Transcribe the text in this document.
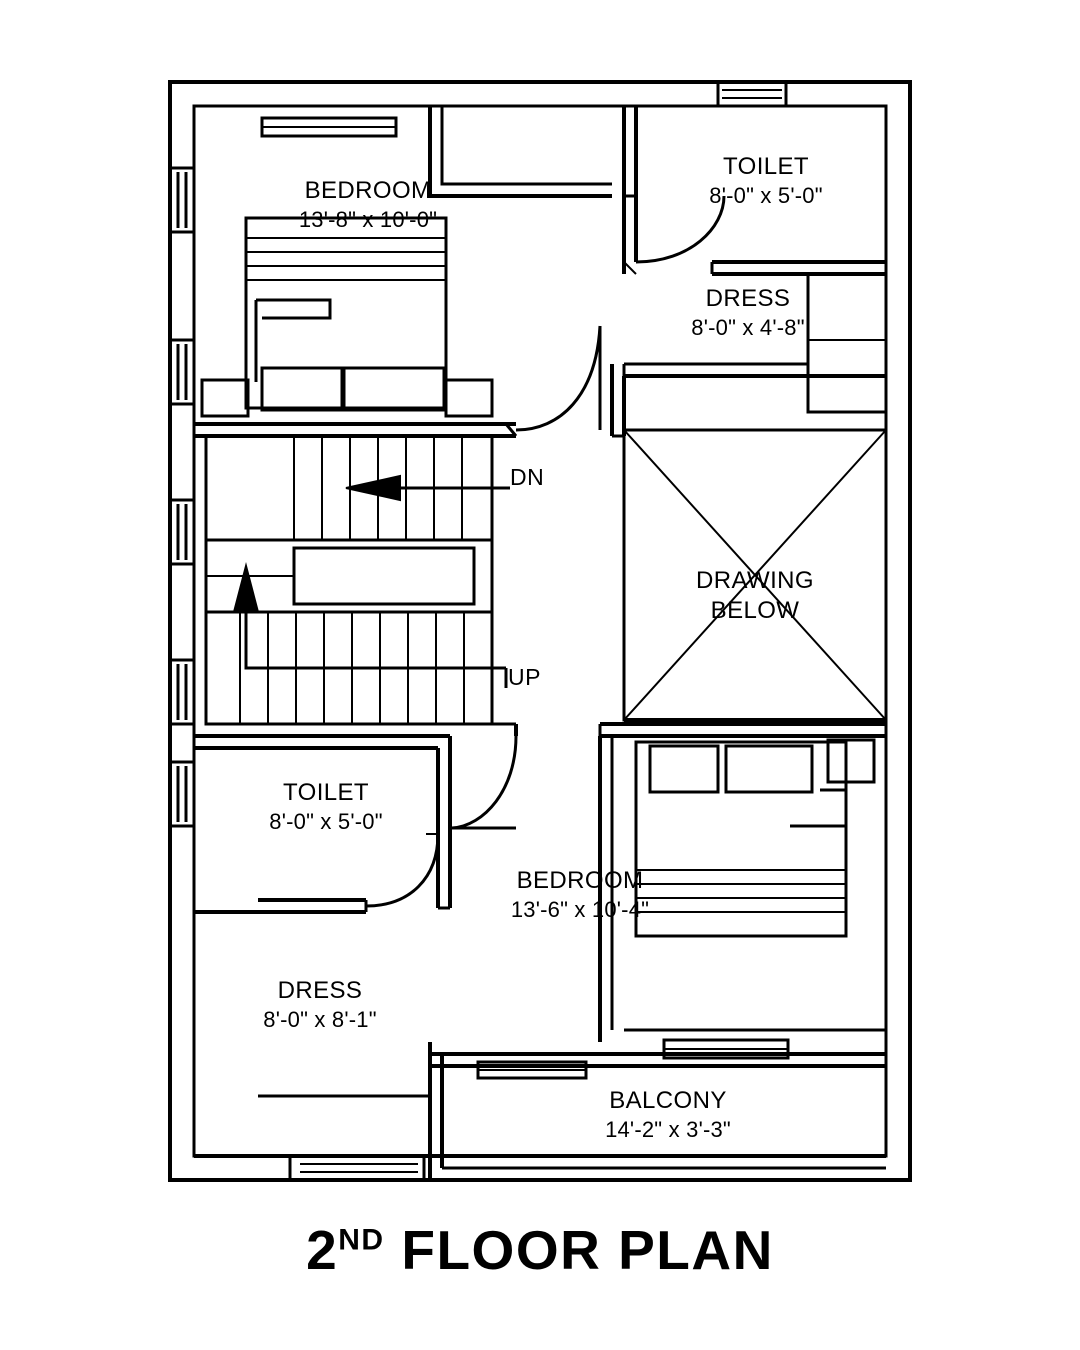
BEDROOM
13'-8" x 10'-0"
TOILET
8'-0" x 5'-0"
DRESS
8'-0" x 4'-8"
DRAWING
BELOW
TOILET
8'-0" x 5'-0"
BEDROOM
13'-6" x 10'-4"
DRESS
8'-0" x 8'-1"
BALCONY
14'-2" x 3'-3"
DN
UP
2ND FLOOR PLAN
